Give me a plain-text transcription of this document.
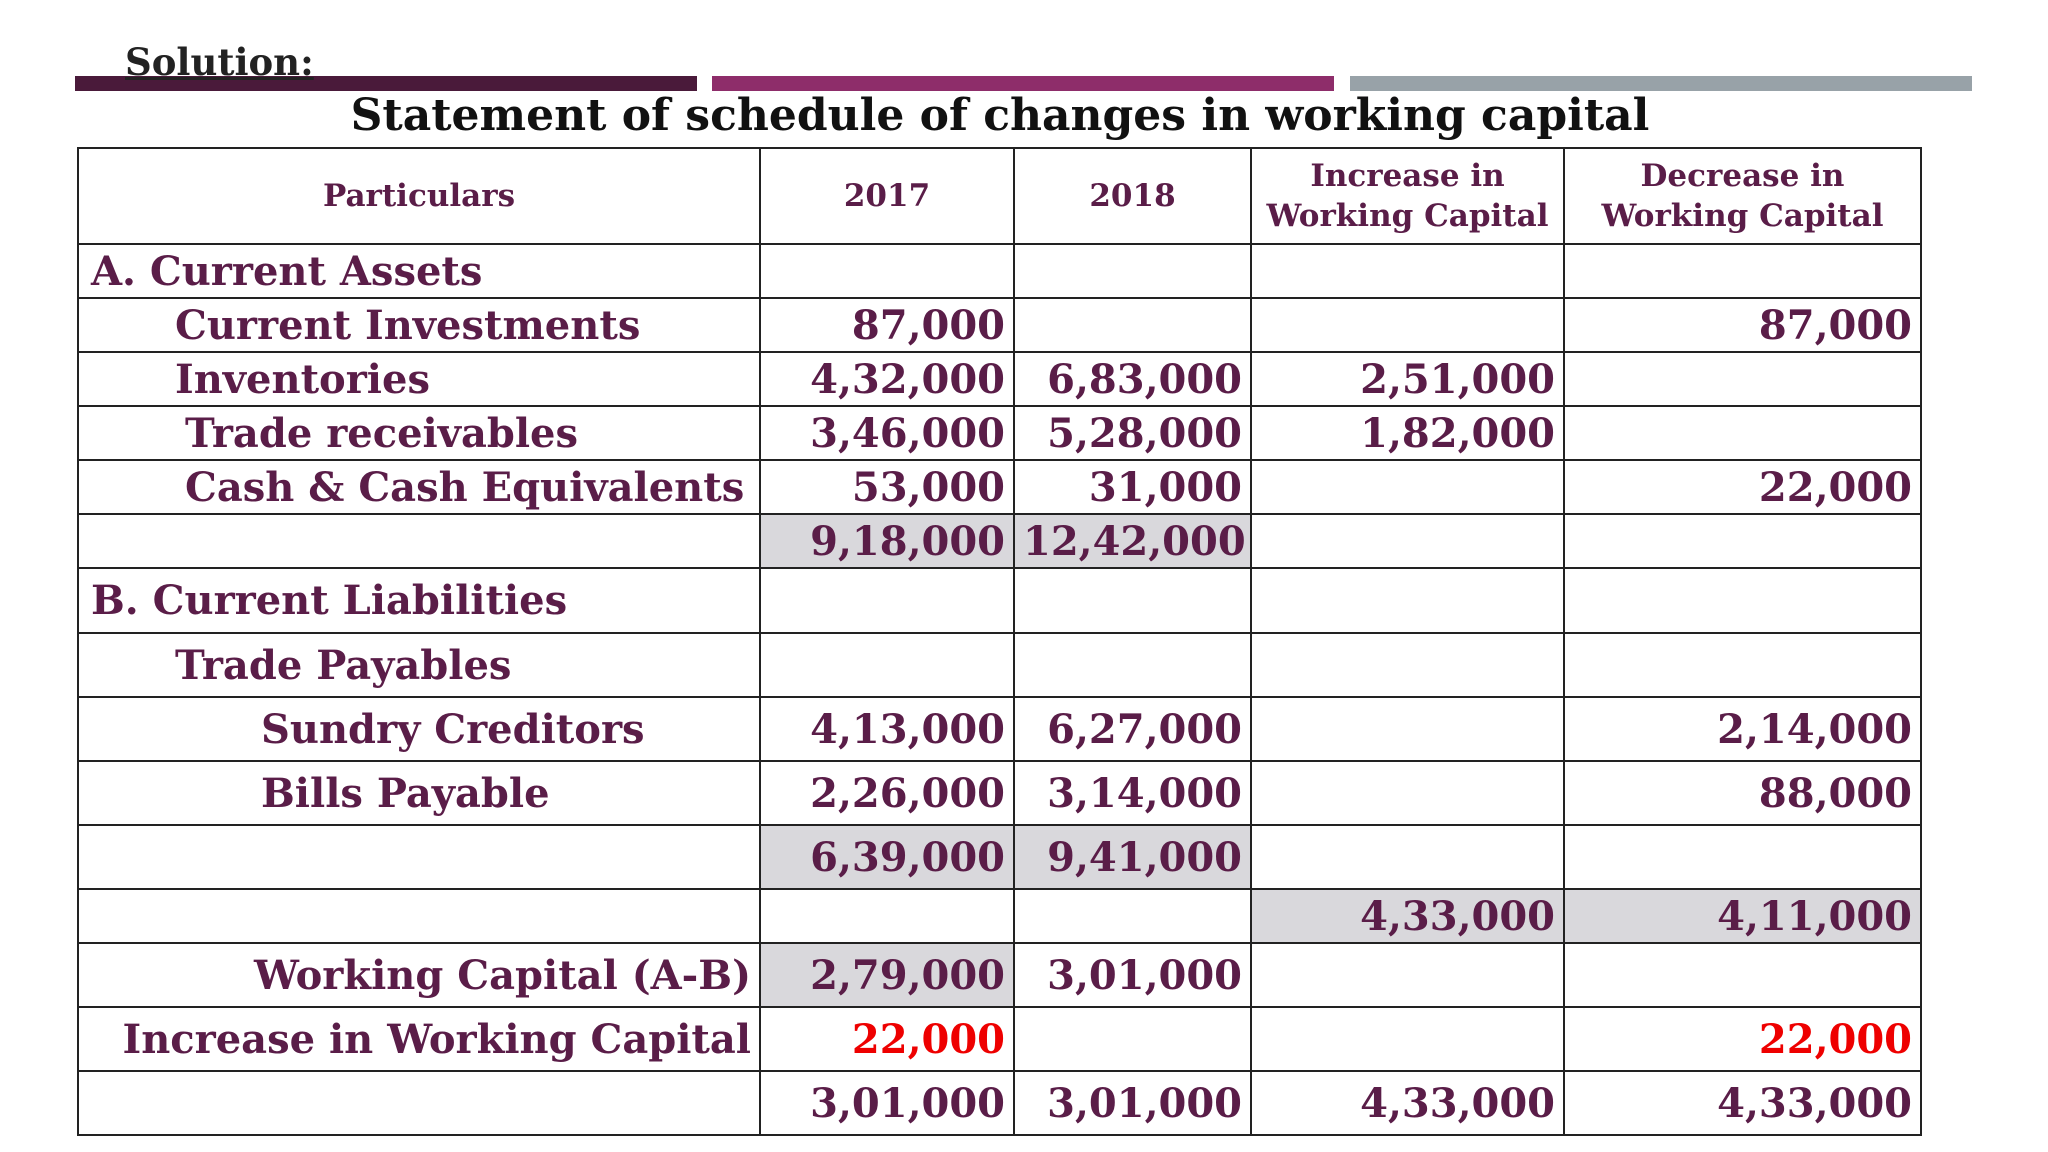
Solution:
Statement of schedule of changes in working capital
Particulars	2017	2018	Increase in Working Capital	Decrease in Working Capital
A. Current Assets				
Current Investments	87,000			87,000
Inventories	4,32,000	6,83,000	2,51,000	
Trade receivables	3,46,000	5,28,000	1,82,000	
Cash & Cash Equivalents	53,000	31,000		22,000
	9,18,000	12,42,000		
B. Current Liabilities				
Trade Payables				
Sundry Creditors	4,13,000	6,27,000		2,14,000
Bills Payable	2,26,000	3,14,000		88,000
	6,39,000	9,41,000		
			4,33,000	4,11,000
Working Capital (A-B)	2,79,000	3,01,000		
Increase in Working Capital	22,000			22,000
	3,01,000	3,01,000	4,33,000	4,33,000
